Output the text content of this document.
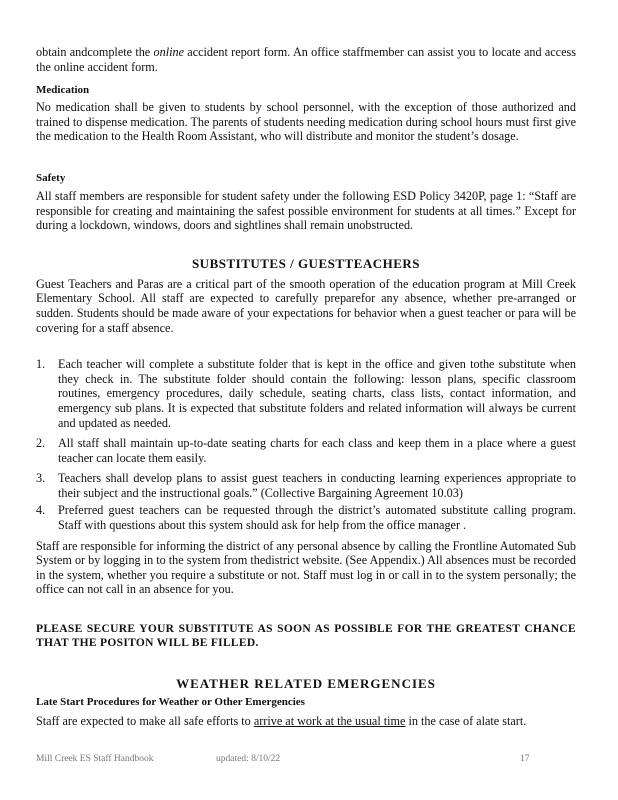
obtain andcomplete the online accident report form. An office staffmember can assist you to locate and access the online accident form.

Medication

No medication shall be given to students by school personnel, with the exception of those authorized and trained to dispense medication. The parents of students needing medication during school hours must first give the medication to the Health Room Assistant, who will distribute and monitor the student’s dosage.

Safety

All staff members are responsible for student safety under the following ESD Policy 3420P, page 1: “Staff are responsible for creating and maintaining the safest possible environment for students at all times.” Except for during a lockdown, windows, doors and sightlines shall remain unobstructed.

SUBSTITUTES / GUESTTEACHERS

Guest Teachers and Paras are a critical part of the smooth operation of the education program at Mill Creek Elementary School. All staff are expected to carefully preparefor any absence, whether pre-arranged or sudden. Students should be made aware of your expectations for behavior when a guest teacher or para will be covering for a staff absence.

1. Each teacher will complete a substitute folder that is kept in the office and given tothe substitute when they check in. The substitute folder should contain the following: lesson plans, specific classroom routines, emergency procedures, daily schedule, seating charts, class lists, contact information, and emergency sub plans. It is expected that substitute folders and related information will always be current and updated as needed.
2. All staff shall maintain up-to-date seating charts for each class and keep them in a place where a guest teacher can locate them easily.
3. Teachers shall develop plans to assist guest teachers in conducting learning experiences appropriate to their subject and the instructional goals.” (Collective Bargaining Agreement 10.03)
4. Preferred guest teachers can be requested through the district’s automated substitute calling program. Staff with questions about this system should ask for help from the office manager .

Staff are responsible for informing the district of any personal absence by calling the Frontline Automated Sub System or by logging in to the system from thedistrict website. (See Appendix.) All absences must be recorded in the system, whether you require a substitute or not. Staff must log in or call in to the system personally; the office can not call in an absence for you.

PLEASE SECURE YOUR SUBSTITUTE AS SOON AS POSSIBLE FOR THE GREATEST CHANCE THAT THE POSITON WILL BE FILLED.

WEATHER RELATED EMERGENCIES
Late Start Procedures for Weather or Other Emergencies

Staff are expected to make all safe efforts to arrive at work at the usual time in the case of alate start.

Mill Creek ES Staff Handbook	updated: 8/10/22	17
